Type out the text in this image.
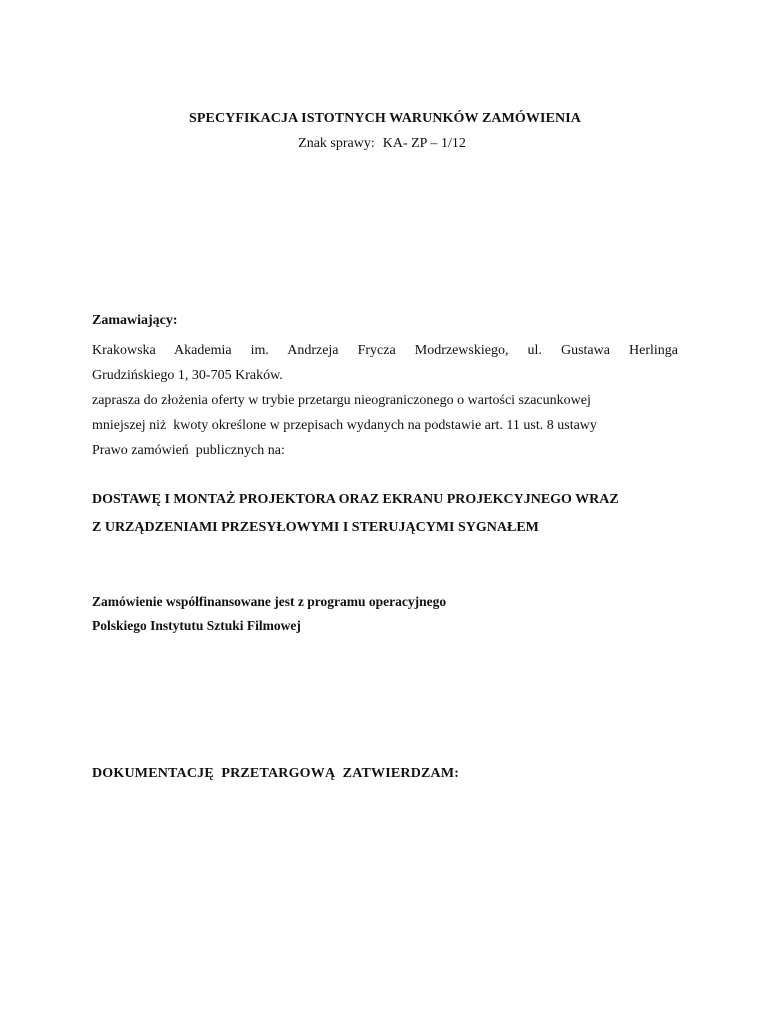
SPECYFIKACJA ISTOTNYCH WARUNKÓW ZAMÓWIENIA

Znak sprawy: KA- ZP – 1/12

Zamawiający:

Krakowska Akademia im. Andrzeja Frycza Modrzewskiego, ul. Gustawa Herlinga
Grudzińskiego 1, 30-705 Kraków.
zaprasza do złożenia oferty w trybie przetargu nieograniczonego o wartości szacunkowej
mniejszej niż  kwoty określone w przepisach wydanych na podstawie art. 11 ust. 8 ustawy
Prawo zamówień  publicznych na:
DOSTAWĘ I MONTAŻ PROJEKTORA ORAZ EKRANU PROJEKCYJNEGO WRAZ
Z URZĄDZENIAMI PRZESYŁOWYMI I STERUJĄCYMI SYGNAŁEM
Zamówienie współfinansowane jest z programu operacyjnego
Polskiego Instytutu Sztuki Filmowej

DOKUMENTACJĘ  PRZETARGOWĄ  ZATWIERDZAM:
